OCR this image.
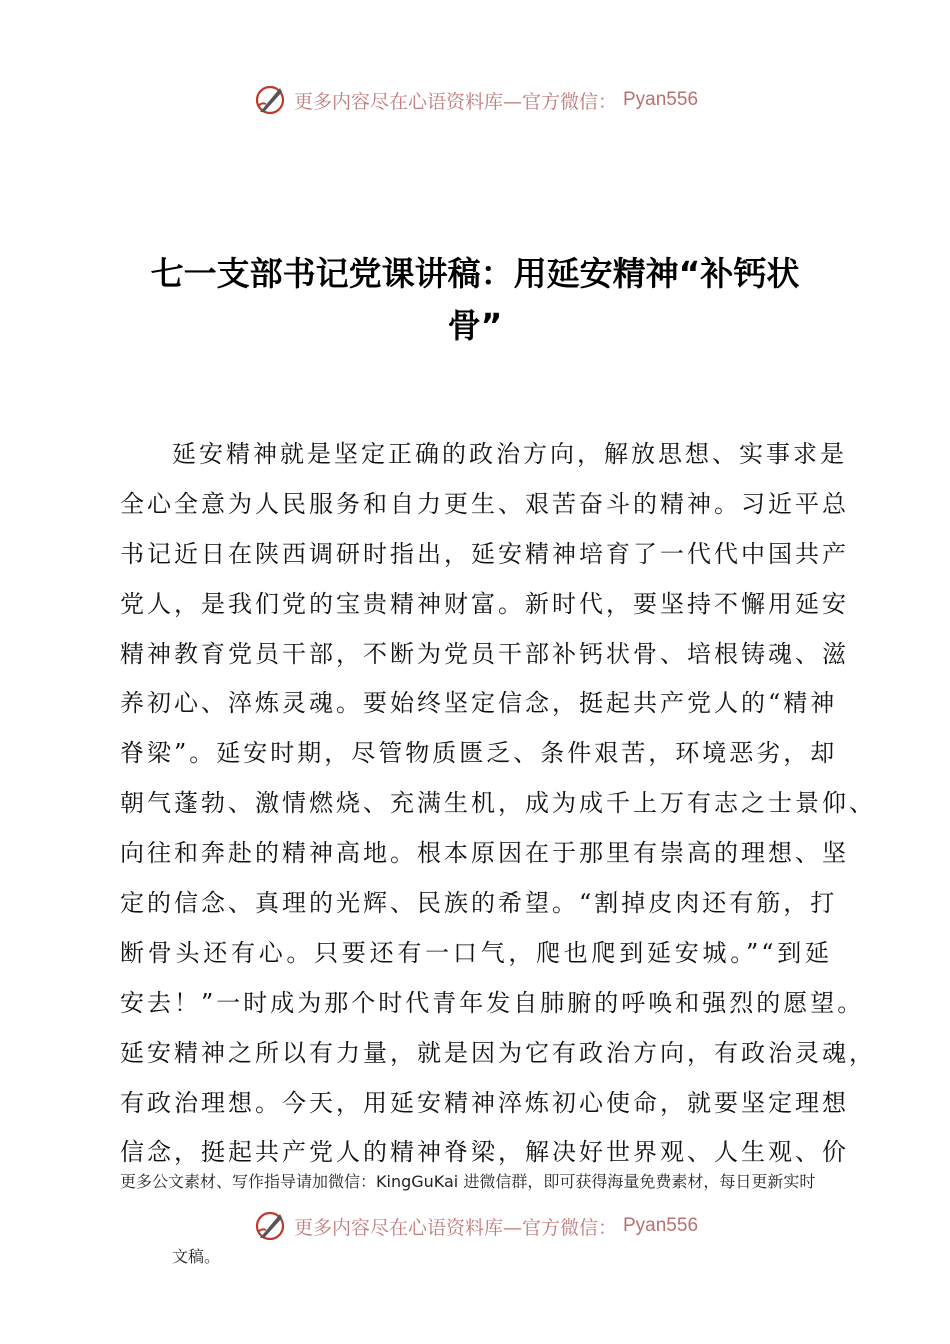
更多内容尽在心语资料库—官方微信： Pyan556
七一支部书记党课讲稿：用延安精神“补钙状
骨”
延安精神就是坚定正确的政治方向，解放思想、实事求是
全心全意为人民服务和自力更生、艰苦奋斗的精神。习近平总
书记近日在陕西调研时指出，延安精神培育了一代代中国共产
党人，是我们党的宝贵精神财富。新时代，要坚持不懈用延安
精神教育党员干部，不断为党员干部补钙状骨、培根铸魂、滋
养初心、淬炼灵魂。要始终坚定信念，挺起共产党人的“精神
脊梁”。延安时期，尽管物质匮乏、条件艰苦，环境恶劣，却
朝气蓬勃、激情燃烧、充满生机，成为成千上万有志之士景仰、
向往和奔赴的精神高地。根本原因在于那里有崇高的理想、坚
定的信念、真理的光辉、民族的希望。“割掉皮肉还有筋，打
断骨头还有心。只要还有一口气，爬也爬到延安城。”“到延
安去！”一时成为那个时代青年发自肺腑的呼唤和强烈的愿望。
延安精神之所以有力量，就是因为它有政治方向，有政治灵魂，
有政治理想。今天，用延安精神淬炼初心使命，就要坚定理想
信念，挺起共产党人的精神脊梁，解决好世界观、人生观、价
更多公文素材、写作指导请加微信：KingGuKai 进微信群，即可获得海量免费素材，每日更新实时
更多内容尽在心语资料库—官方微信： Pyan556
文稿。
